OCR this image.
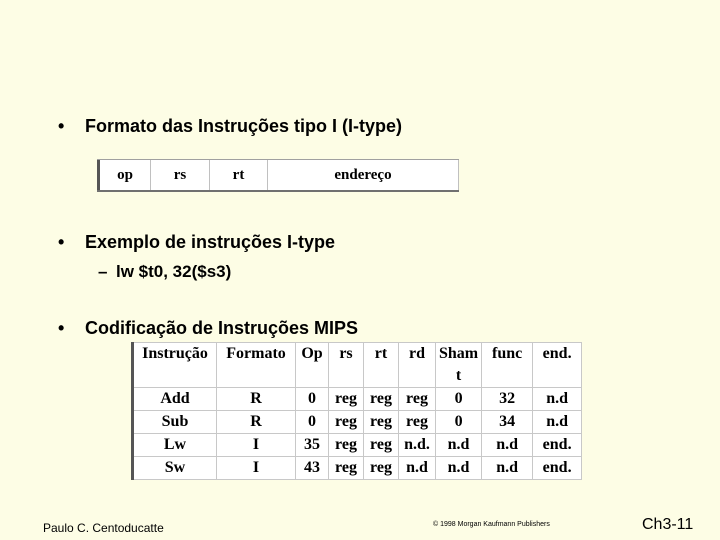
• Formato das Instruções tipo I (I-type)
op	rs	rt	endereço
• Exemplo de instruções I-type
– lw $t0, 32($s3)
• Codificação de Instruções MIPS
Instrução	Formato	Op	rs	rt	rd	Sham t	func	end.
Add	R	0	reg	reg	reg	0	32	n.d
Sub	R	0	reg	reg	reg	0	34	n.d
Lw	I	35	reg	reg	n.d.	n.d	n.d	end.
Sw	I	43	reg	reg	n.d	n.d	n.d	end.
Paulo C. Centoducatte	© 1998 Morgan Kaufmann Publishers	Ch3-11
